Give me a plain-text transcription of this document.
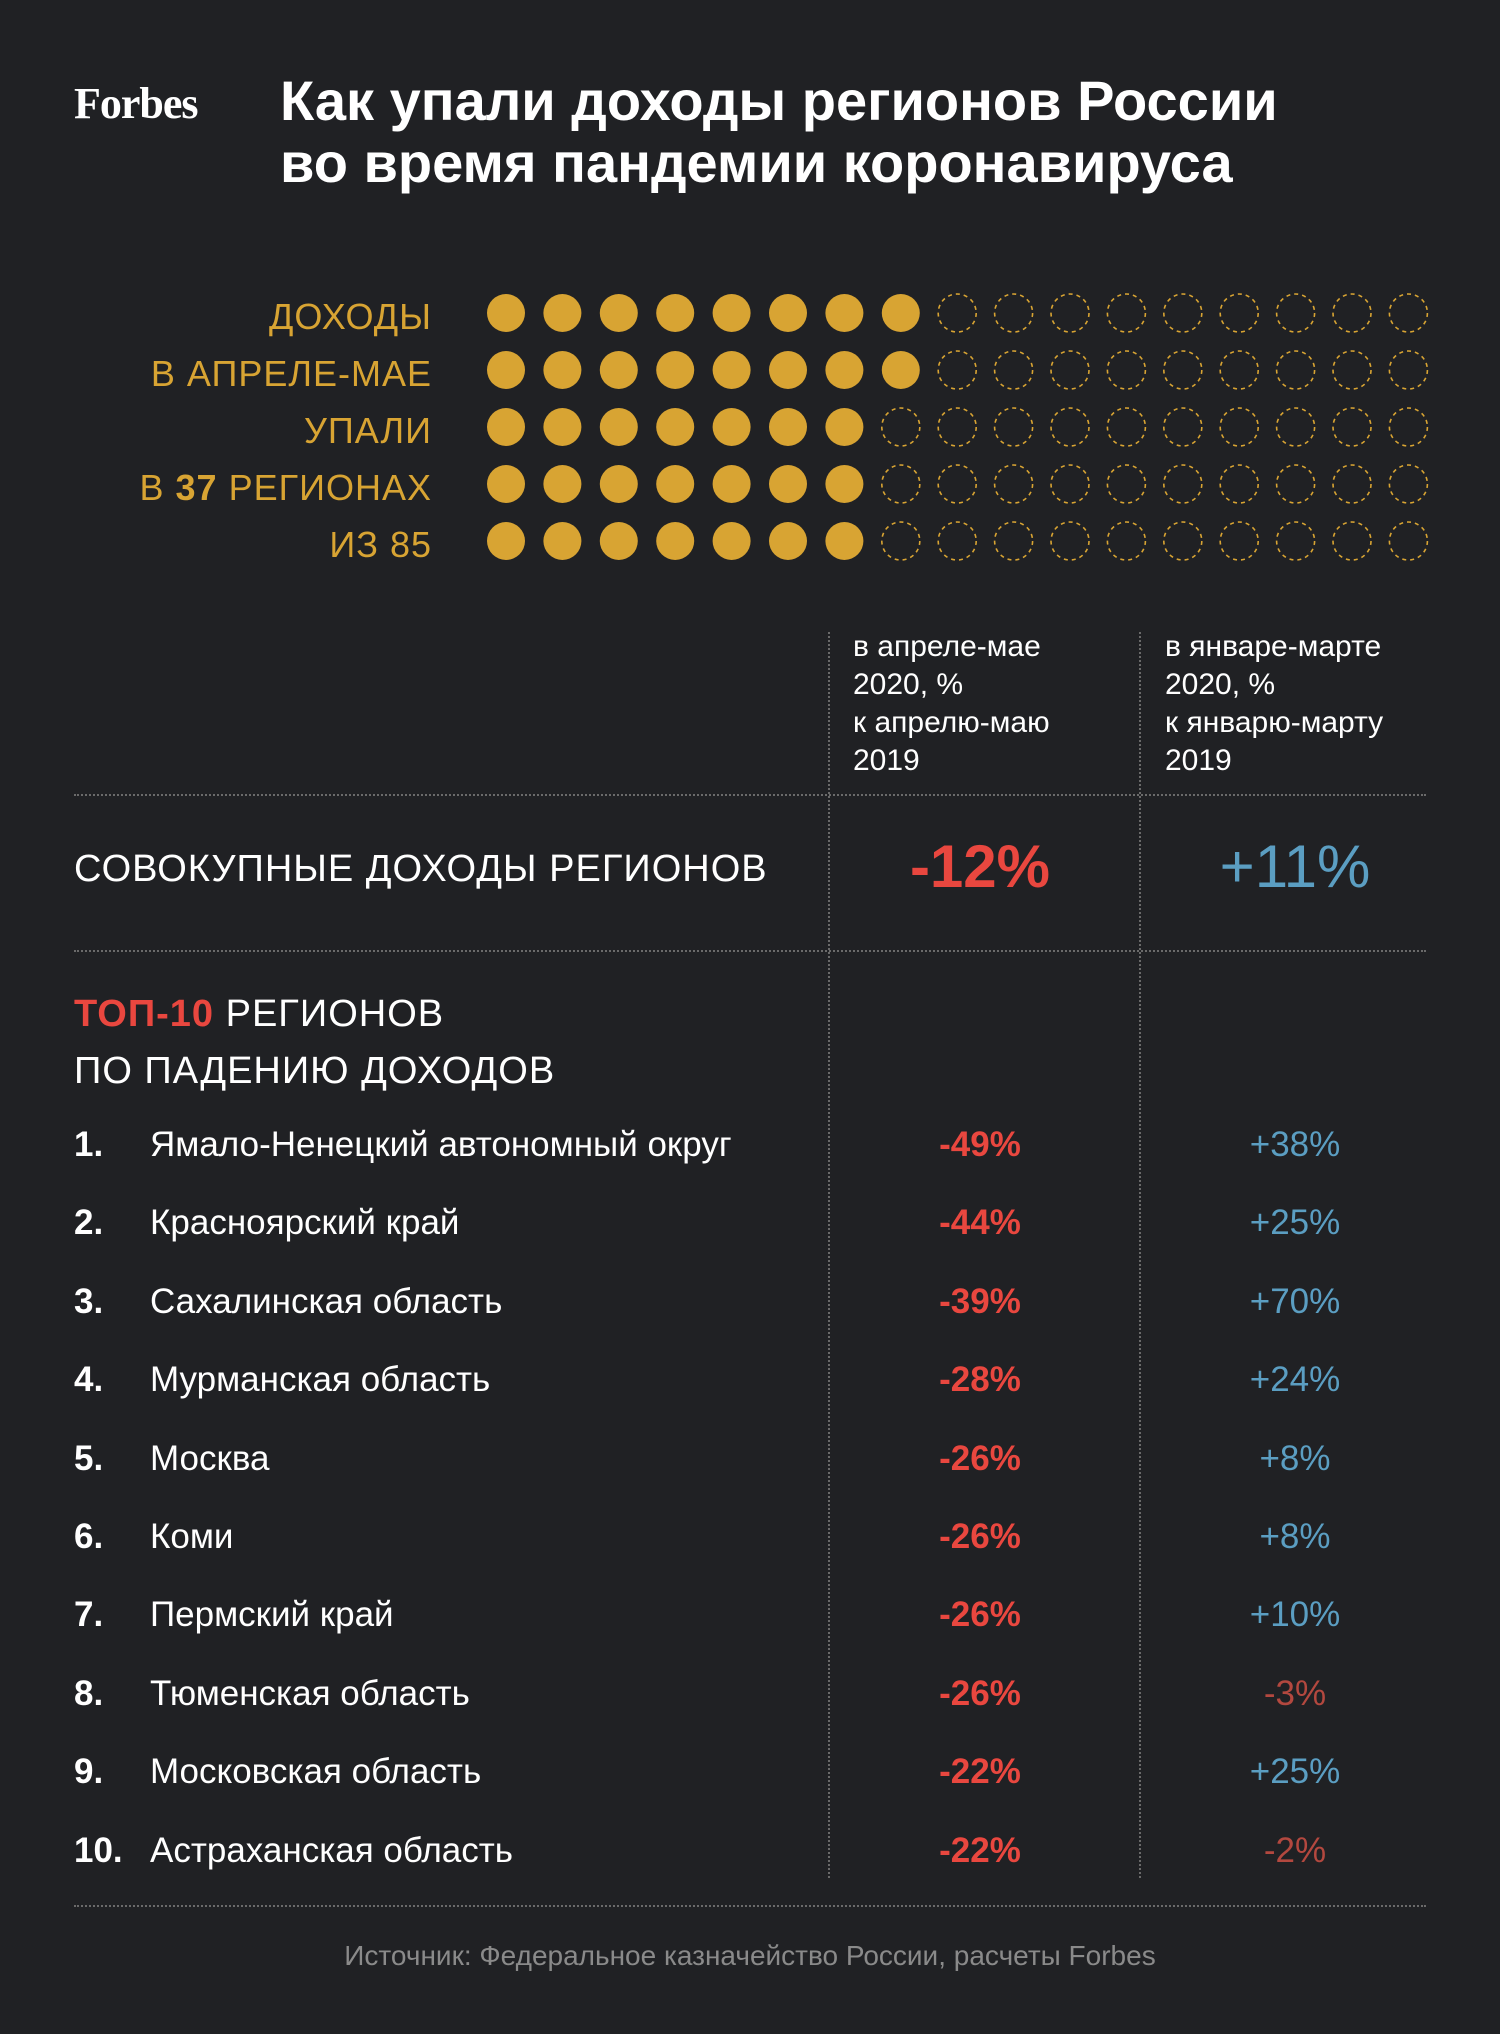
Forbes Как упали доходы регионов России
во время пандемии коронавируса
ДОХОДЫ
В АПРЕЛЕ-МАЕ
УПАЛИ
В 37 РЕГИОНАХ
ИЗ 85
в апреле-мае
2020, %
к апрелю-маю
2019
в январе-марте
2020, %
к январю-марту
2019
СОВОКУПНЫЕ ДОХОДЫ РЕГИОНОВ	-12%	+11%
ТОП-10 РЕГИОНОВ
ПО ПАДЕНИЮ ДОХОДОВ
1. Ямало-Ненецкий автономный округ	-49%	+38%
2. Красноярский край	-44%	+25%
3. Сахалинская область	-39%	+70%
4. Мурманская область	-28%	+24%
5. Москва	-26%	+8%
6. Коми	-26%	+8%
7. Пермский край	-26%	+10%
8. Тюменская область	-26%	-3%
9. Московская область	-22%	+25%
10. Астраханская область	-22%	-2%
Источник: Федеральное казначейство России, расчеты Forbes
